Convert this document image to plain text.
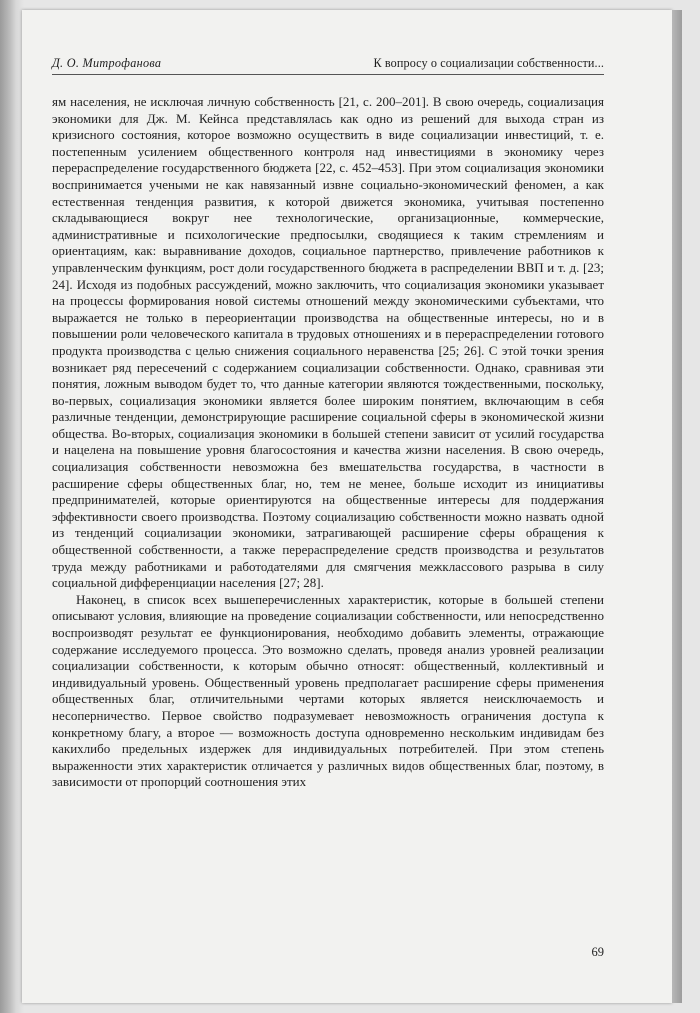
Д. О. Митрофанова	К вопросу о социализации собственности...

ям населения, не исключая личную собственность [21, с. 200–201]. В свою очередь, социализация экономики для Дж. М. Кейнса представлялась как одно из решений для выхода стран из кризисного состояния, которое возможно осуществить в виде социализации инвестиций, т. е. постепенным усилением общественного контроля над инвестициями в экономику через перераспределение государственного бюджета [22, с. 452–453]. При этом социализация экономики воспринимается учеными не как навязанный извне социально-экономический феномен, а как естественная тенденция развития, к которой движется экономика, учитывая постепенно складывающиеся вокруг нее технологические, организационные, коммерческие, административные и психологические предпосылки, сводящиеся к таким стремлениям и ориентациям, как: выравнивание доходов, социальное партнерство, привлечение работников к управленческим функциям, рост доли государственного бюджета в распределении ВВП и т. д. [23; 24]. Исходя из подобных рассуждений, можно заключить, что социализация экономики указывает на процессы формирования новой системы отношений между экономическими субъектами, что выражается не только в переориентации производства на общественные интересы, но и в повышении роли человеческого капитала в трудовых отношениях и в перераспределении готового продукта производства с целью снижения социального неравенства [25; 26]. С этой точки зрения возникает ряд пересечений с содержанием социализации собственности. Однако, сравнивая эти понятия, ложным выводом будет то, что данные категории являются тождественными, поскольку, во-первых, социализация экономики является более широким понятием, включающим в себя различные тенденции, демонстрирующие расширение социальной сферы в экономической жизни общества. Во-вторых, социализация экономики в большей степени зависит от усилий государства и нацелена на повышение уровня благосостояния и качества жизни населения. В свою очередь, социализация собственности невозможна без вмешательства государства, в частности в расширение сферы общественных благ, но, тем не менее, больше исходит из инициативы предпринимателей, которые ориентируются на общественные интересы для поддержания эффективности своего производства. Поэтому социализацию собственности можно назвать одной из тенденций социализации экономики, затрагивающей расширение сферы обращения к общественной собственности, а также перераспределение средств производства и результатов труда между работниками и работодателями для смягчения межклассового разрыва в силу социальной дифференциации населения [27; 28].

Наконец, в список всех вышеперечисленных характеристик, которые в большей степени описывают условия, влияющие на проведение социализации собственности, или непосредственно воспроизводят результат ее функционирования, необходимо добавить элементы, отражающие содержание исследуемого процесса. Это возможно сделать, проведя анализ уровней реализации социализации собственности, к которым обычно относят: общественный, коллективный и индивидуальный уровень. Общественный уровень предполагает расширение сферы применения общественных благ, отличительными чертами которых является неисключаемость и несоперничество. Первое свойство подразумевает невозможность ограничения доступа к конкретному благу, а второе — возможность доступа одновременно нескольким индивидам без какихлибо предельных издержек для индивидуальных потребителей. При этом степень выраженности этих характеристик отличается у различных видов общественных благ, поэтому, в зависимости от пропорций соотношения этих

69
